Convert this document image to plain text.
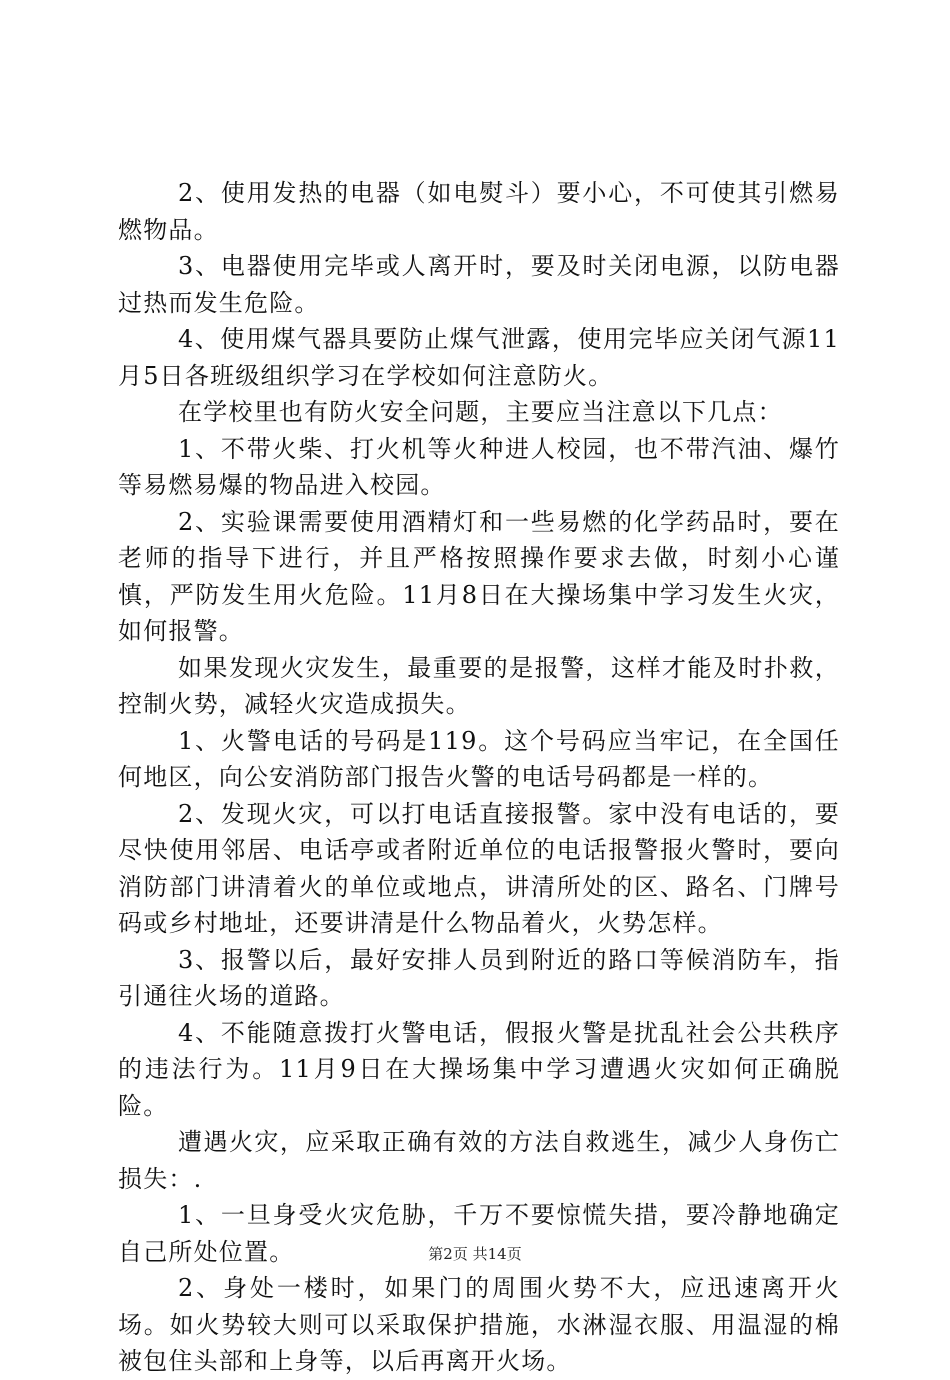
2、使用发热的电器（如电熨斗）要小心，不可使其引燃易燃物品。

3、电器使用完毕或人离开时，要及时关闭电源，以防电器过热而发生危险。

4、使用煤气器具要防止煤气泄露，使用完毕应关闭气源11月5日各班级组织学习在学校如何注意防火。

在学校里也有防火安全问题，主要应当注意以下几点：

1、不带火柴、打火机等火种进人校园，也不带汽油、爆竹等易燃易爆的物品进入校园。

2、实验课需要使用酒精灯和一些易燃的化学药品时，要在老师的指导下进行，并且严格按照操作要求去做，时刻小心谨慎，严防发生用火危险。11月8日在大操场集中学习发生火灾，如何报警。

如果发现火灾发生，最重要的是报警，这样才能及时扑救，控制火势，减轻火灾造成损失。

1、火警电话的号码是119。这个号码应当牢记，在全国任何地区，向公安消防部门报告火警的电话号码都是一样的。

2、发现火灾，可以打电话直接报警。家中没有电话的，要尽快使用邻居、电话亭或者附近单位的电话报警报火警时，要向消防部门讲清着火的单位或地点，讲清所处的区、路名、门牌号码或乡村地址，还要讲清是什么物品着火，火势怎样。

3、报警以后，最好安排人员到附近的路口等候消防车，指引通往火场的道路。

4、不能随意拨打火警电话，假报火警是扰乱社会公共秩序的违法行为。11月9日在大操场集中学习遭遇火灾如何正确脱险。

遭遇火灾，应采取正确有效的方法自救逃生，减少人身伤亡损失：.

1、一旦身受火灾危胁，千万不要惊慌失措，要冷静地确定自己所处位置。

2、身处一楼时，如果门的周围火势不大，应迅速离开火场。如火势较大则可以采取保护措施，水淋湿衣服、用温湿的棉被包住头部和上身等，以后再离开火场。

第2页 共14页
